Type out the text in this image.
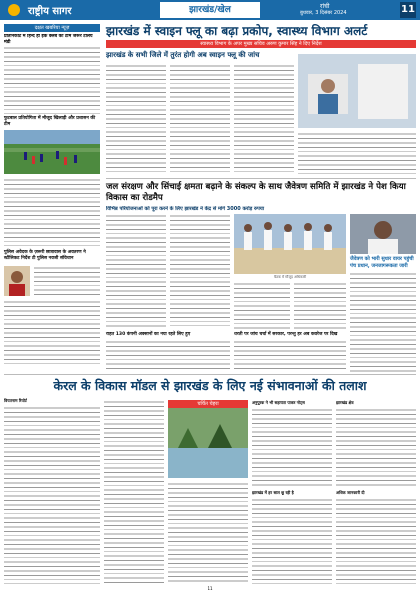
राष्ट्रीय सागर	झारखंड/खेल	रांची
बुधवार, 3 दिसंबर 2024	11
दक्षत खबरिया न्यूज़
प्रीतानकोट में हिन्द ही इक क्लब की टीम जरूरे टेलिये मंडी
फुटबाल प्रतियोगिता में मौजूद खिलाड़ी और प्रशासन की टीम
पुलिस अवेदक के ज़रूरी छात्रावास के अवतरण ने स्टीलिकट निर्देश टी पुलिस नवजी संविधान
झारखंड में स्वाइन फ्लू का बढ़ा प्रकोप, स्वास्थ्य विभाग अलर्ट
स्वास्थ्य विभाग के अपर मुख्य सचिव अरुण कुमार सिंह ने दिए निर्देश
झारखंड के सभी जिले में तुरंत होगी अब स्वाइन फ्लू की जांच
जल संरक्षण और सिंचाई क्षमता बढ़ाने के संकल्प के साथ जैवेत्रण समिति में झारखंड ने पेश किया विकास का रोडमैप
विभिन्न परियोजनाओं को पूरा करने के लिए झारखंड ने केंद्र से मांगे 3000 करोड़ रुपया
बैठक में मौजूद अधिकारी
जैवेत्रण को भारी सुधार वायर पहुंची पंच प्रधान, जनजागरूकता जारी
राहत 130 कंपनी अक्सानों का नया रहते लिए हुए	धरती पर जांच चर्चा में सरकार, परन्तु हर अब कवरेज पर दिख
केरल के विकास मॉडल से झारखंड के लिए नई संभावनाओं की तलाश
वियतनाम रिपोर्ट
चर्चित चेहरा	अनुपूरक ने भी सहायता पाकर नोट्स
झारखंड में हर साल छू रही है
झारखंड क्षेत्र
अधिक जानकारी दी
11
